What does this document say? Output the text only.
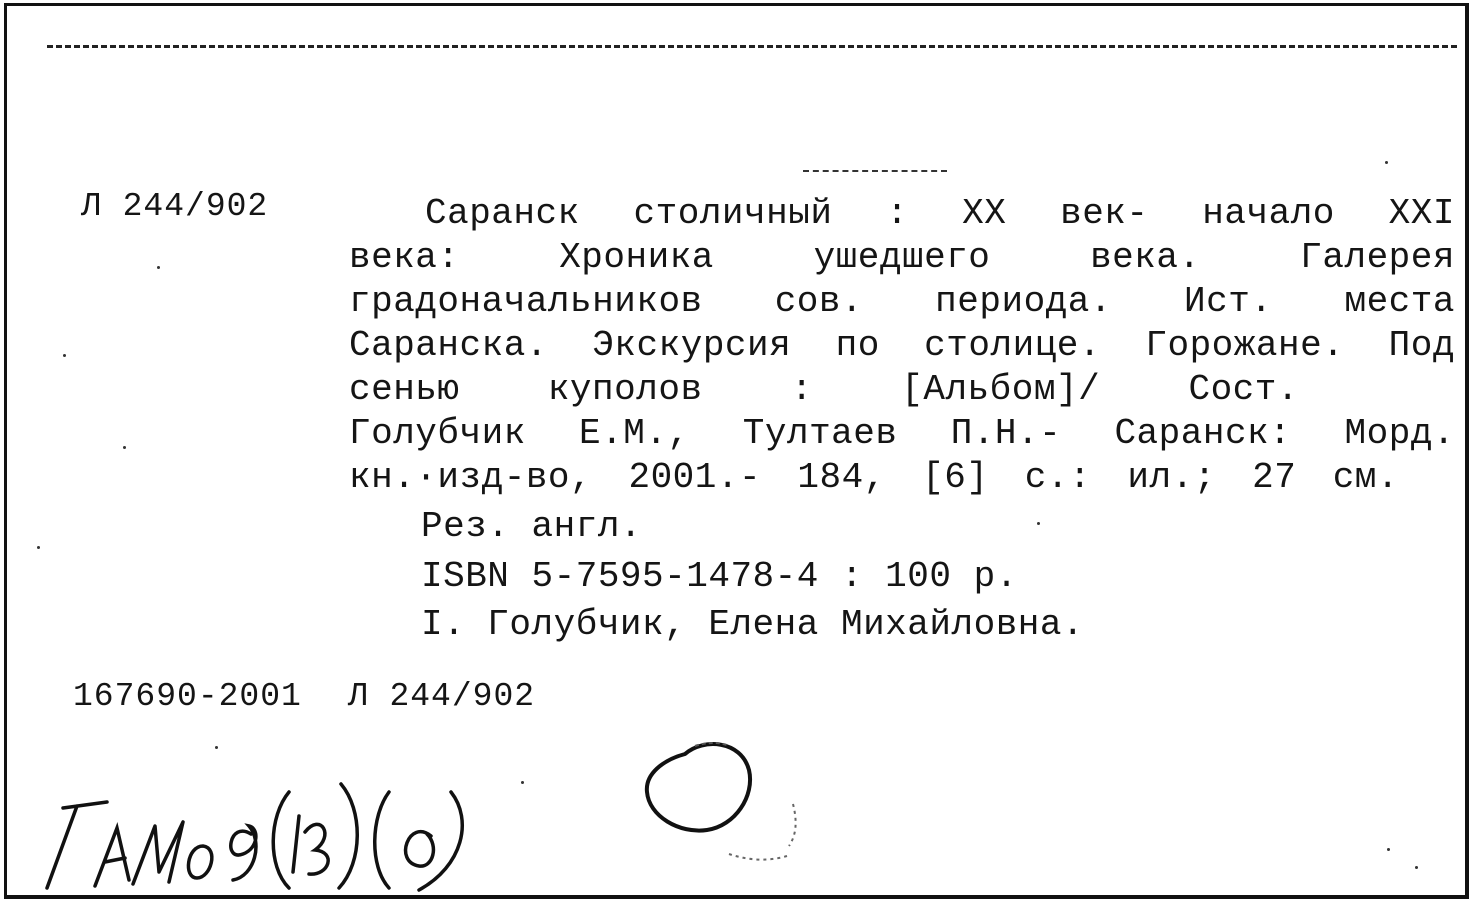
Л 244/902	Саранск столичный : XX век- начало XXI
века: Хроника ушедшего века. Галерея
градоначальников сов. периода. Ист. места
Саранска. Экскурсия по столице. Горожане. Под
сенью куполов : [Альбом]/ Сост.
Голубчик Е.М., Тултаев П.Н.- Саранск: Морд.
кн.·изд-во, 2001.- 184, [6] с.: ил.; 27 см.
Рез. англ.
ISBN 5-7595-1478-4 : 100 р.
I. Голубчик, Елена Михайловна.
167690-2001 Л 244/902
